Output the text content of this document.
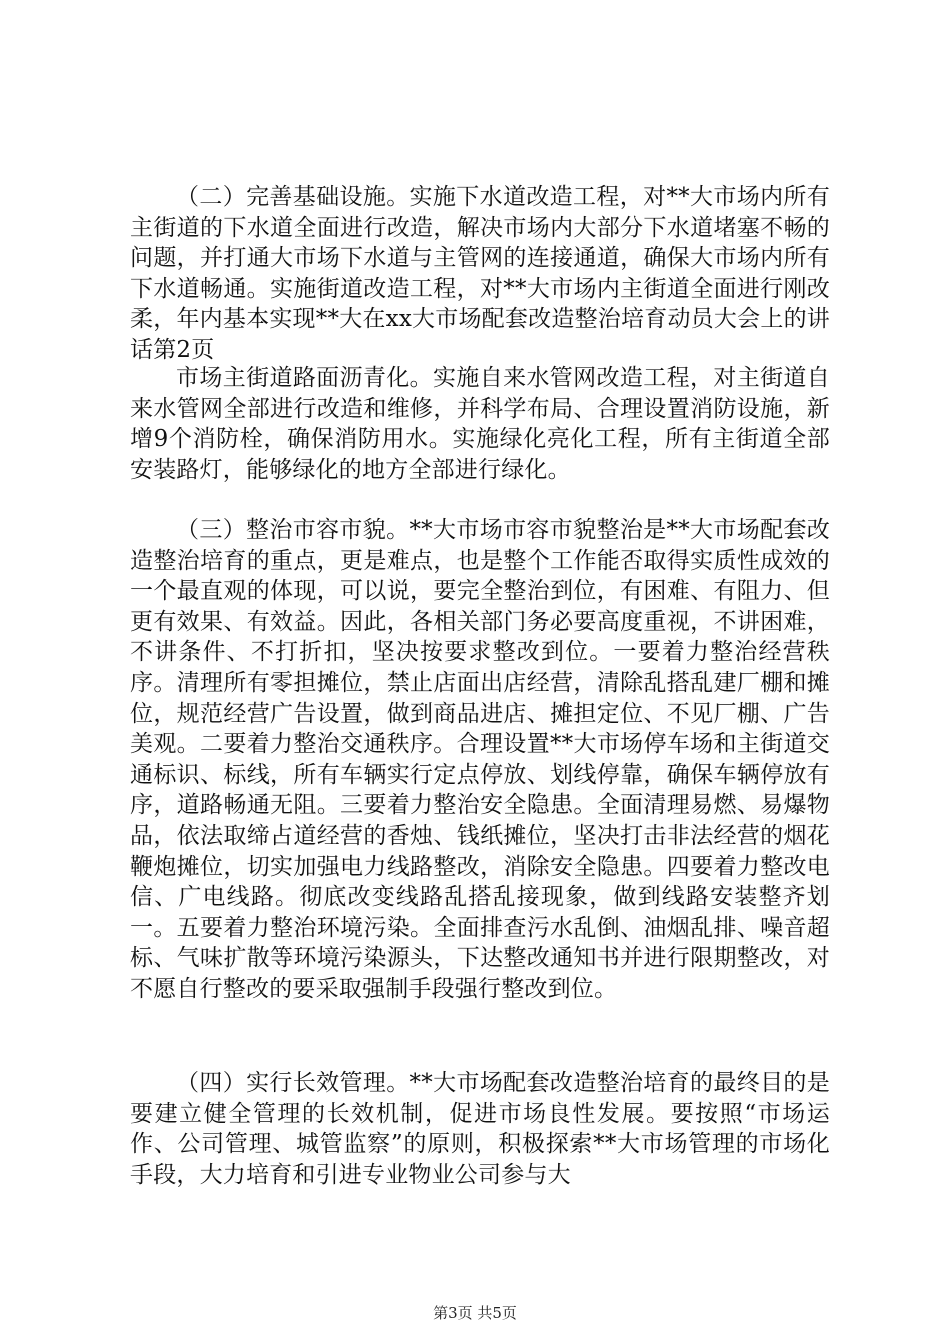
（二）完善基础设施。实施下水道改造工程，对**大市场内所有主街道的下水道全面进行改造，解决市场内大部分下水道堵塞不畅的问题，并打通大市场下水道与主管网的连接通道，确保大市场内所有下水道畅通。实施街道改造工程，对**大市场内主街道全面进行刚改柔，年内基本实现**大在xx大市场配套改造整治培育动员大会上的讲话第2页

市场主街道路面沥青化。实施自来水管网改造工程，对主街道自来水管网全部进行改造和维修，并科学布局、合理设置消防设施，新增9个消防栓，确保消防用水。实施绿化亮化工程，所有主街道全部安装路灯，能够绿化的地方全部进行绿化。

（三）整治市容市貌。**大市场市容市貌整治是**大市场配套改造整治培育的重点，更是难点，也是整个工作能否取得实质性成效的一个最直观的体现，可以说，要完全整治到位，有困难、有阻力、但更有效果、有效益。因此，各相关部门务必要高度重视，不讲困难，不讲条件、不打折扣，坚决按要求整改到位。一要着力整治经营秩序。清理所有零担摊位，禁止店面出店经营，清除乱搭乱建厂棚和摊位，规范经营广告设置，做到商品进店、摊担定位、不见厂棚、广告美观。二要着力整治交通秩序。合理设置**大市场停车场和主街道交通标识、标线，所有车辆实行定点停放、划线停靠，确保车辆停放有序，道路畅通无阻。三要着力整治安全隐患。全面清理易燃、易爆物品，依法取缔占道经营的香烛、钱纸摊位，坚决打击非法经营的烟花鞭炮摊位，切实加强电力线路整改，消除安全隐患。四要着力整改电信、广电线路。彻底改变线路乱搭乱接现象，做到线路安装整齐划一。五要着力整治环境污染。全面排查污水乱倒、油烟乱排、噪音超标、气味扩散等环境污染源头，下达整改通知书并进行限期整改，对不愿自行整改的要采取强制手段强行整改到位。

（四）实行长效管理。**大市场配套改造整治培育的最终目的是要建立健全管理的长效机制，促进市场良性发展。要按照“市场运作、公司管理、城管监察”的原则，积极探索**大市场管理的市场化手段，大力培育和引进专业物业公司参与大

第3页 共5页
